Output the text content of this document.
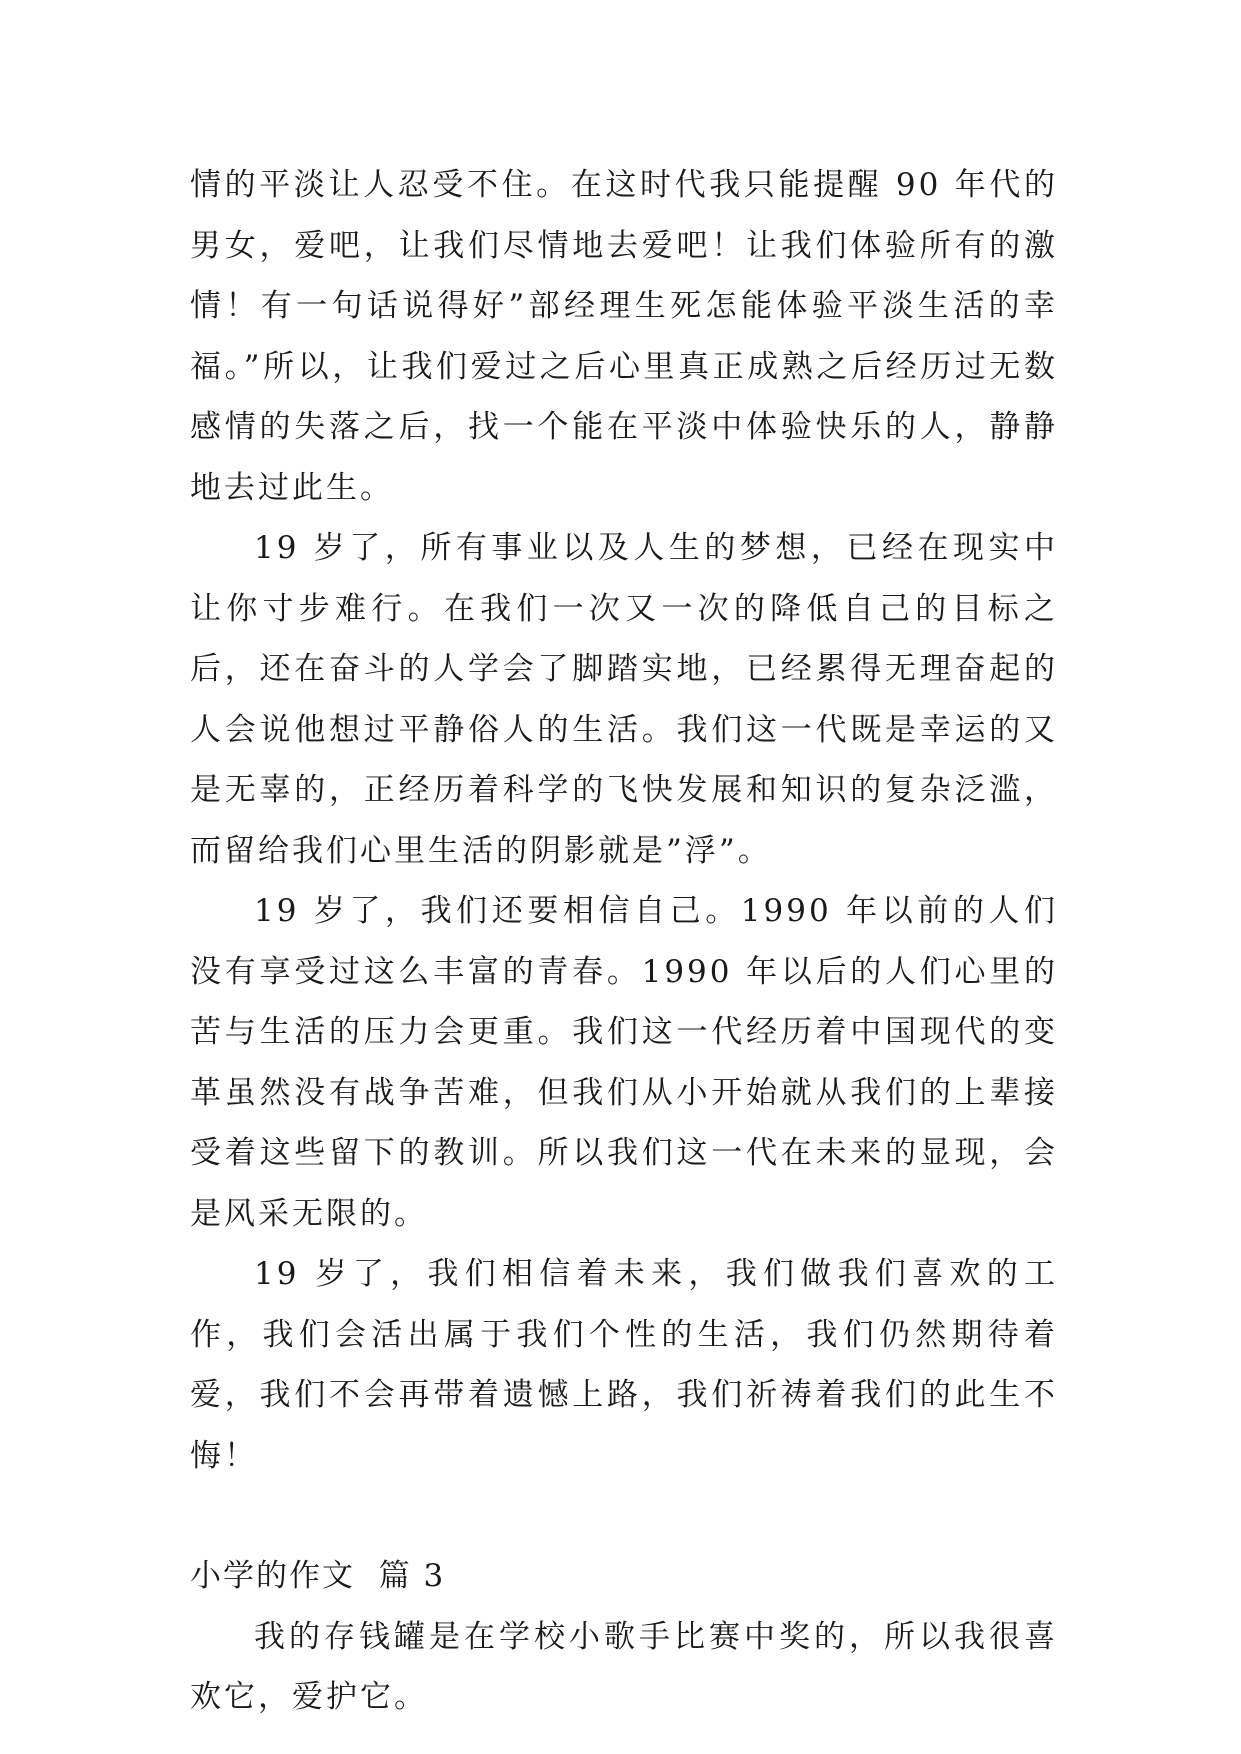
情的平淡让人忍受不住。在这时代我只能提醒 90 年代的男女，爱吧，让我们尽情地去爱吧！让我们体验所有的激情！有一句话说得好”部经理生死怎能体验平淡生活的幸福。”所以，让我们爱过之后心里真正成熟之后经历过无数感情的失落之后，找一个能在平淡中体验快乐的人，静静地去过此生。

19 岁了，所有事业以及人生的梦想，已经在现实中让你寸步难行。在我们一次又一次的降低自己的目标之后，还在奋斗的人学会了脚踏实地，已经累得无理奋起的人会说他想过平静俗人的生活。我们这一代既是幸运的又是无辜的，正经历着科学的飞快发展和知识的复杂泛滥，而留给我们心里生活的阴影就是”浮”。

19 岁了，我们还要相信自己。1990 年以前的人们没有享受过这么丰富的青春。1990 年以后的人们心里的苦与生活的压力会更重。我们这一代经历着中国现代的变革虽然没有战争苦难，但我们从小开始就从我们的上辈接受着这些留下的教训。所以我们这一代在未来的显现，会是风采无限的。

19 岁了，我们相信着未来，我们做我们喜欢的工作，我们会活出属于我们个性的生活，我们仍然期待着爱，我们不会再带着遗憾上路，我们祈祷着我们的此生不悔！

小学的作文  篇 3

我的存钱罐是在学校小歌手比赛中奖的，所以我很喜欢它，爱护它。
